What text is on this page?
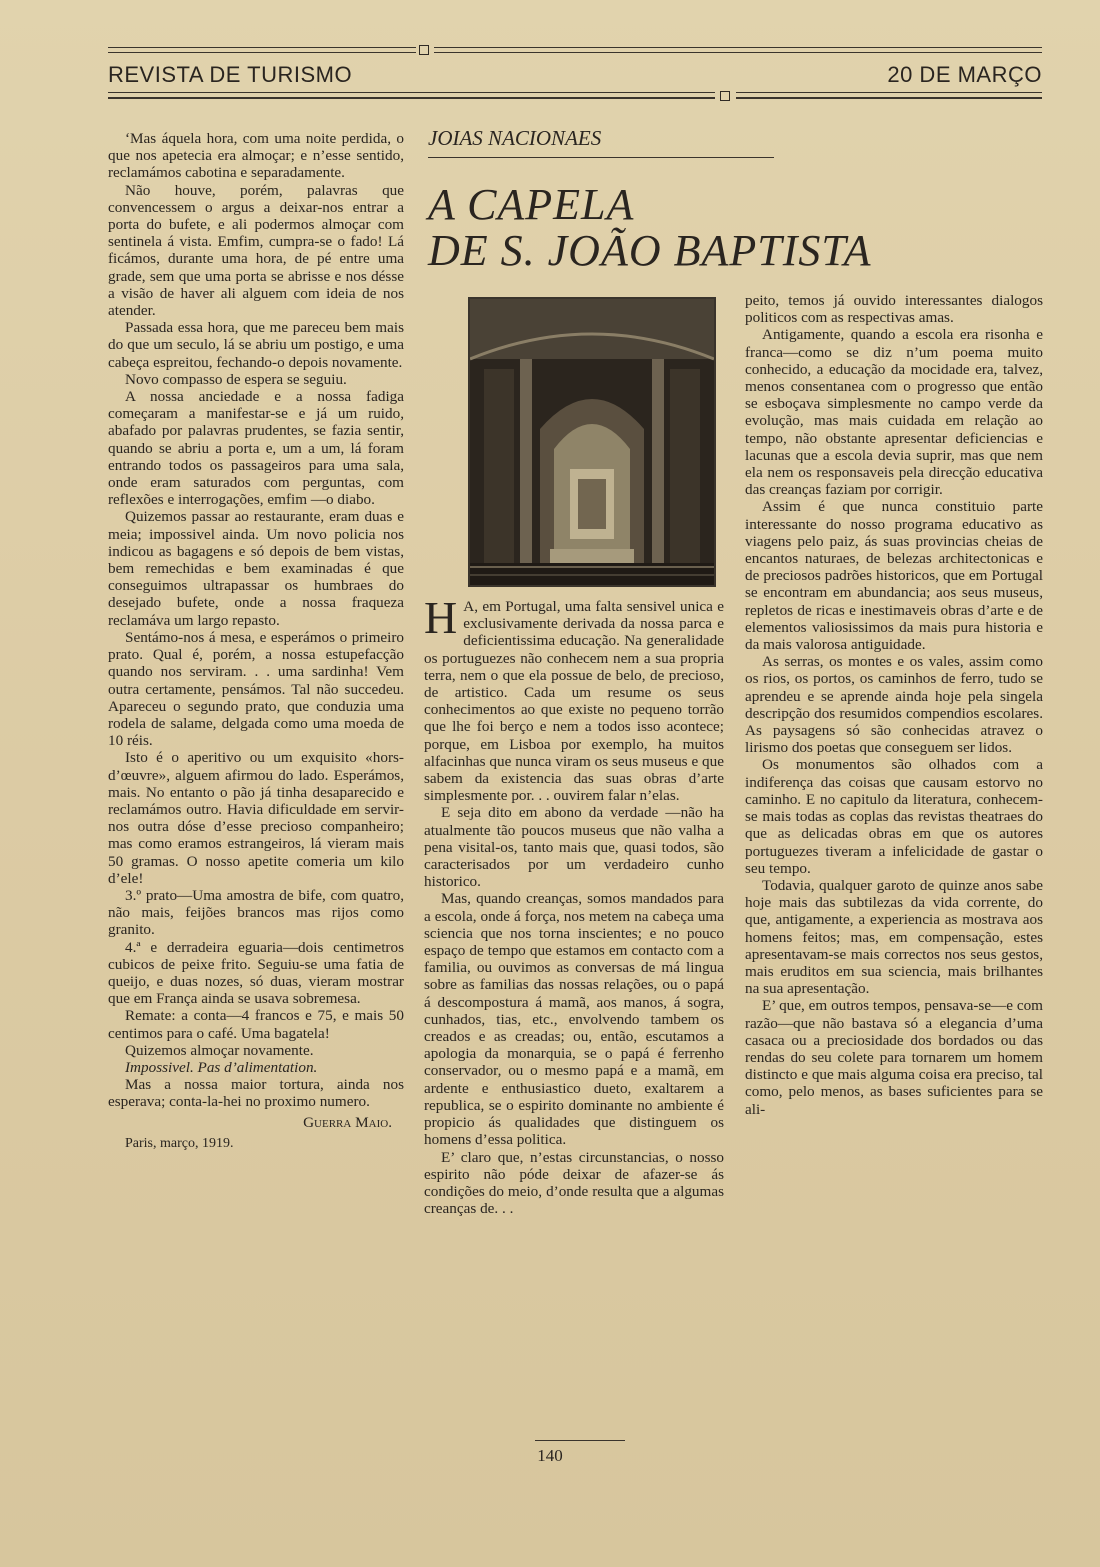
REVISTA DE TURISMO	20 DE MARÇO

‘Mas áquela hora, com uma noite perdida, o que nos apetecia era almoçar; e n’esse sentido, reclamámos cabotina e separadamente.

Não houve, porém, palavras que convencessem o argus a deixar-nos entrar a porta do bufete, e ali podermos almoçar com sentinela á vista. Emfim, cumpra-se o fado! Lá ficámos, durante uma hora, de pé entre uma grade, sem que uma porta se abrisse e nos désse a visão de haver ali alguem com ideia de nos atender.

Passada essa hora, que me pareceu bem mais do que um seculo, lá se abriu um postigo, e uma cabeça espreitou, fechando-o depois novamente.

Novo compasso de espera se seguiu.

A nossa anciedade e a nossa fadiga começaram a manifestar-se e já um ruido, abafado por palavras prudentes, se fazia sentir, quando se abriu a porta e, um a um, lá foram entrando todos os passageiros para uma sala, onde eram saturados com perguntas, com reflexões e interrogações, emfim —o diabo.

Quizemos passar ao restaurante, eram duas e meia; impossivel ainda. Um novo policia nos indicou as bagagens e só depois de bem vistas, bem remechidas e bem examinadas é que conseguimos ultrapassar os humbraes do desejado bufete, onde a nossa fraqueza reclamáva um largo repasto.

Sentámo-nos á mesa, e esperámos o primeiro prato. Qual é, porém, a nossa estupefacção quando nos serviram. . . uma sardinha! Vem outra certamente, pensámos. Tal não succedeu. Apareceu o segundo prato, que conduzia uma rodela de salame, delgada como uma moeda de 10 réis.

Isto é o aperitivo ou um exquisito «hors-d’œuvre», alguem afirmou do lado. Esperámos, mais. No entanto o pão já tinha desaparecido e reclamámos outro. Havia dificuldade em servir-nos outra dóse d’esse precioso companheiro; mas como eramos estrangeiros, lá vieram mais 50 gramas. O nosso apetite comeria um kilo d’ele!

3.º prato—Uma amostra de bife, com quatro, não mais, feijões brancos mas rijos como granito.

4.ª e derradeira eguaria—dois centimetros cubicos de peixe frito. Seguiu-se uma fatia de queijo, e duas nozes, só duas, vieram mostrar que em França ainda se usava sobremesa.

Remate: a conta—4 francos e 75, e mais 50 centimos para o café. Uma bagatela!

Quizemos almoçar novamente.

Impossivel. Pas d’alimentation.

Mas a nossa maior tortura, ainda nos esperava; conta-la-hei no proximo numero.

Guerra Maio.

Paris, março, 1919.

JOIAS NACIONAES
A CAPELA
DE S. JOÃO BAPTISTA

H A, em Portugal, uma falta sensivel unica e exclusivamente derivada da nossa parca e deficientissima educação. Na generalidade os portuguezes não conhecem nem a sua propria terra, nem o que ela possue de belo, de precioso, de artistico. Cada um resume os seus conhecimentos ao que existe no pequeno torrão que lhe foi berço e nem a todos isso acontece; porque, em Lisboa por exemplo, ha muitos alfacinhas que nunca viram os seus museus e que sabem da existencia das suas obras d’arte simplesmente por. . . ouvirem falar n’elas.

E seja dito em abono da verdade —não ha atualmente tão poucos museus que não valha a pena visital-os, tanto mais que, quasi todos, são caracterisados por um verdadeiro cunho historico.

Mas, quando creanças, somos mandados para a escola, onde á força, nos metem na cabeça uma sciencia que nos torna inscientes; e no pouco espaço de tempo que estamos em contacto com a familia, ou ouvimos as conversas de má lingua sobre as familias das nossas relações, ou o papá á descompostura á mamã, aos manos, á sogra, cunhados, tias, etc., envolvendo tambem os creados e as creadas; ou, então, escutamos a apologia da monarquia, se o papá é ferrenho conservador, ou o mesmo papá e a mamã, em ardente e enthusiastico dueto, exaltarem a republica, se o espirito dominante no ambiente é propicio ás qualidades que distinguem os homens d’essa politica.

E’ claro que, n’estas circunstancias, o nosso espirito não póde deixar de afazer-se ás condições do meio, d’onde resulta que a algumas creanças de. . .

peito, temos já ouvido interessantes dialogos politicos com as respectivas amas.

Antigamente, quando a escola era risonha e franca—como se diz n’um poema muito conhecido, a educação da mocidade era, talvez, menos consentanea com o progresso que então se esboçava simplesmente no campo verde da evolução, mas mais cuidada em relação ao tempo, não obstante apresentar deficiencias e lacunas que a escola devia suprir, mas que nem ela nem os responsaveis pela direcção educativa das creanças faziam por corrigir.

Assim é que nunca constituio parte interessante do nosso programa educativo as viagens pelo paiz, ás suas provincias cheias de encantos naturaes, de belezas architectonicas e de preciosos padrões historicos, que em Portugal se encontram em abundancia; aos seus museus, repletos de ricas e inestimaveis obras d’arte e de elementos valiosissimos da mais pura historia e da mais valorosa antiguidade.

As serras, os montes e os vales, assim como os rios, os portos, os caminhos de ferro, tudo se aprendeu e se aprende ainda hoje pela singela descripção dos resumidos compendios escolares. As paysagens só são conhecidas atravez o lirismo dos poetas que conseguem ser lidos.

Os monumentos são olhados com a indiferença das coisas que causam estorvo no caminho. E no capitulo da literatura, conhecem-se mais todas as coplas das revistas theatraes do que as delicadas obras em que os autores portuguezes tiveram a infelicidade de gastar o seu tempo.

Todavia, qualquer garoto de quinze anos sabe hoje mais das subtilezas da vida corrente, do que, antigamente, a experiencia as mostrava aos homens feitos; mas, em compensação, estes apresentavam-se mais correctos nos seus gestos, mais eruditos em sua sciencia, mais brilhantes na sua apresentação.

E’ que, em outros tempos, pensava-se—e com razão—que não bastava só a elegancia d’uma casaca ou a preciosidade dos bordados ou das rendas do seu colete para tornarem um homem distincto e que mais alguma coisa era preciso, tal como, pelo menos, as bases suficientes para se ali-

140
